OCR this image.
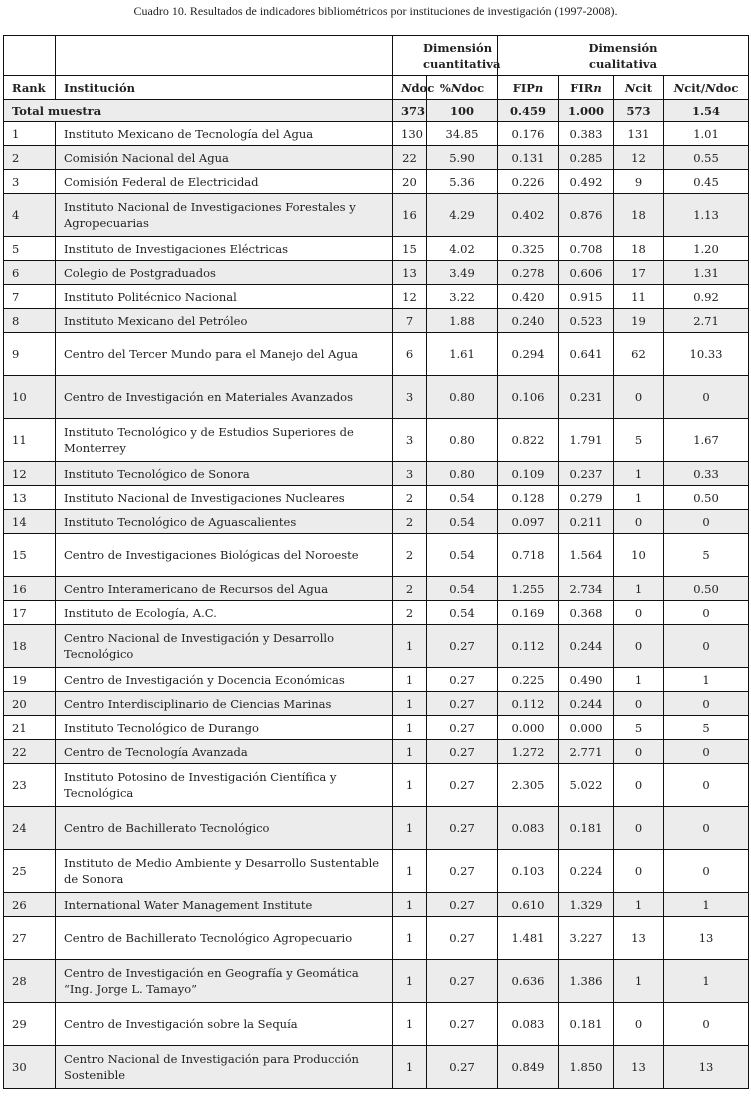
Cuadro 10. Resultados de indicadores bibliométricos por instituciones de investigación (1997-2008).
		Dimensión cuantitativa		Dimensión cualitativa			
Rank	Institución	Ndoc	%Ndoc	FIPn	FIRn	Ncit	Ncit/Ndoc
Total muestra		373	100	0.459	1.000	573	1.54
1	Instituto Mexicano de Tecnología del Agua	130	34.85	0.176	0.383	131	1.01
2	Comisión Nacional del Agua	22	5.90	0.131	0.285	12	0.55
3	Comisión Federal de Electricidad	20	5.36	0.226	0.492	9	0.45
4	Instituto Nacional de Investigaciones Forestales y Agropecuarias	16	4.29	0.402	0.876	18	1.13
5	Instituto de Investigaciones Eléctricas	15	4.02	0.325	0.708	18	1.20
6	Colegio de Postgraduados	13	3.49	0.278	0.606	17	1.31
7	Instituto Politécnico Nacional	12	3.22	0.420	0.915	11	0.92
8	Instituto Mexicano del Petróleo	7	1.88	0.240	0.523	19	2.71
9	Centro del Tercer Mundo para el Manejo del Agua	6	1.61	0.294	0.641	62	10.33
10	Centro de Investigación en Materiales Avanzados	3	0.80	0.106	0.231	0	0
11	Instituto Tecnológico y de Estudios Superiores de Monterrey	3	0.80	0.822	1.791	5	1.67
12	Instituto Tecnológico de Sonora	3	0.80	0.109	0.237	1	0.33
13	Instituto Nacional de Investigaciones Nucleares	2	0.54	0.128	0.279	1	0.50
14	Instituto Tecnológico de Aguascalientes	2	0.54	0.097	0.211	0	0
15	Centro de Investigaciones Biológicas del Noroeste	2	0.54	0.718	1.564	10	5
16	Centro Interamericano de Recursos del Agua	2	0.54	1.255	2.734	1	0.50
17	Instituto de Ecología, A.C.	2	0.54	0.169	0.368	0	0
18	Centro Nacional de Investigación y Desarrollo Tecnológico	1	0.27	0.112	0.244	0	0
19	Centro de Investigación y Docencia Económicas	1	0.27	0.225	0.490	1	1
20	Centro Interdisciplinario de Ciencias Marinas	1	0.27	0.112	0.244	0	0
21	Instituto Tecnológico de Durango	1	0.27	0.000	0.000	5	5
22	Centro de Tecnología Avanzada	1	0.27	1.272	2.771	0	0
23	Instituto Potosino de Investigación Científica y Tecnológica	1	0.27	2.305	5.022	0	0
24	Centro de Bachillerato Tecnológico	1	0.27	0.083	0.181	0	0
25	Instituto de Medio Ambiente y Desarrollo Sustentable de Sonora	1	0.27	0.103	0.224	0	0
26	International Water Management Institute	1	0.27	0.610	1.329	1	1
27	Centro de Bachillerato Tecnológico Agropecuario	1	0.27	1.481	3.227	13	13
28	Centro de Investigación en Geografía y Geomática “Ing. Jorge L. Tamayo”	1	0.27	0.636	1.386	1	1
29	Centro de Investigación sobre la Sequía	1	0.27	0.083	0.181	0	0
30	Centro Nacional de Investigación para Producción Sostenible	1	0.27	0.849	1.850	13	13
